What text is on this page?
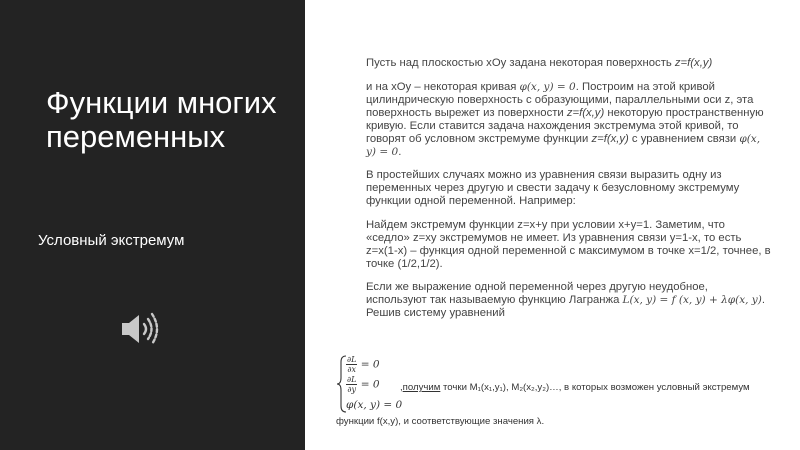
Функции многих переменных

Условный экстремум

Пусть над плоскостью xOy задана некоторая поверхность z=f(x,y)

и на xOy – некоторая кривая φ(x, y) = 0. Построим на этой кривой цилиндрическую поверхность с образующими, параллельными оси z, эта поверхность вырежет из поверхности z=f(x,y) некоторую пространственную кривую. Если ставится задача нахождения экстремума этой кривой, то говорят об условном экстремуме функции z=f(x,y) с уравнением связи φ(x, y) = 0.

В простейших случаях можно из уравнения связи выразить одну из переменных через другую и свести задачу к безусловному экстремуму функции одной переменной. Например:

Найдем экстремум функции z=x+y при условии x+y=1. Заметим, что «седло» z=xy экстремумов не имеет. Из уравнения связи y=1-x, то есть z=x(1-x) – функция одной переменной с максимумом в точке x=1/2, точнее, в точке (1/2,1/2).

Если же выражение одной переменной через другую неудобное, используют так называемую функцию Лагранжа L(x, y) = f (x, y) + λφ(x, y). Решив систему уравнений

$\frac{\partial L}{\partial x} = 0$
$\frac{\partial L}{\partial y} = 0$
φ(x, y) = 0
,получим точки M₁(x₁,y₁), M₂(x₂,y₂)…, в которых возможен условный экстремум
функции f(x,y), и соответствующие значения λ.
